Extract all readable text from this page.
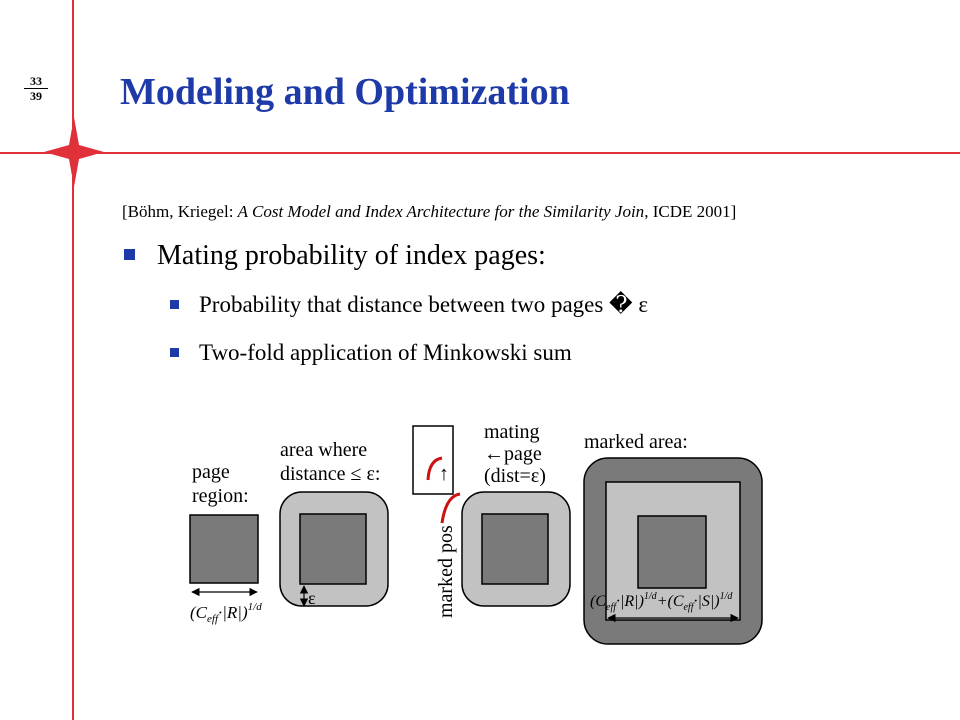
33
39 Modeling and Optimization
[Böhm, Kriegel: A Cost Model and Index Architecture for the Similarity Join, ICDE 2001]
Mating probability of index pages:
Probability that distance between two pages � ε
Two-fold application of Minkowski sum
page
region:
$(C_{eff}\cdot|R|)^{1/d}$
area where
distance ≤ ε:
ε
↑
mating
←page
(dist=ε)
marked pos
marked area:
$(C_{eff}\cdot|R|)^{1/d}+(C_{eff}\cdot|S|)^{1/d}$
